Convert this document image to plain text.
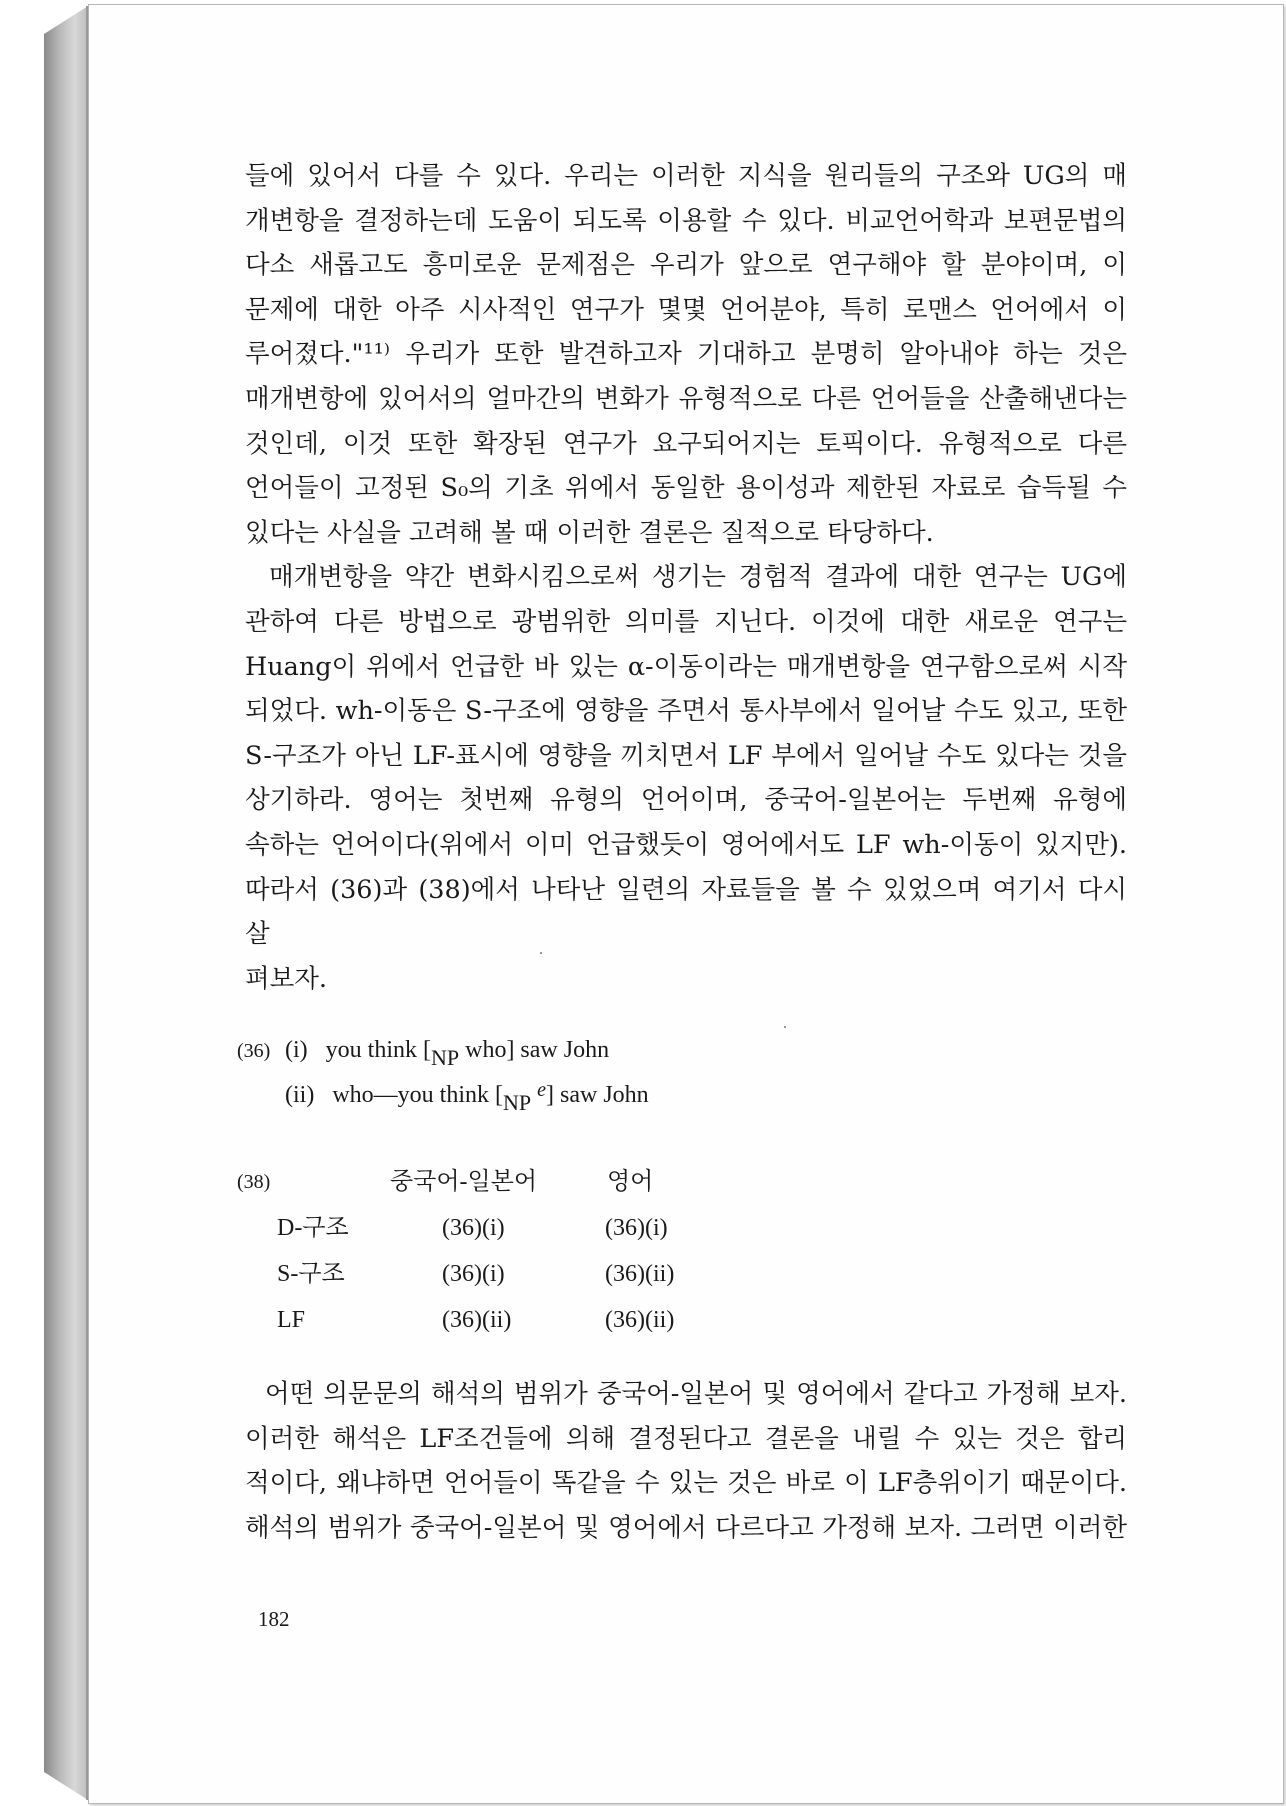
들에 있어서 다를 수 있다. 우리는 이러한 지식을 원리들의 구조와 UG의 매
개변항을 결정하는데 도움이 되도록 이용할 수 있다. 비교언어학과 보편문법의
다소 새롭고도 흥미로운 문제점은 우리가 앞으로 연구해야 할 분야이며, 이
문제에 대한 아주 시사적인 연구가 몇몇 언어분야, 특히 로맨스 언어에서 이
루어졌다."¹¹⁾ 우리가 또한 발견하고자 기대하고 분명히 알아내야 하는 것은
매개변항에 있어서의 얼마간의 변화가 유형적으로 다른 언어들을 산출해낸다는
것인데, 이것 또한 확장된 연구가 요구되어지는 토픽이다. 유형적으로 다른
언어들이 고정된 S₀의 기초 위에서 동일한 용이성과 제한된 자료로 습득될 수
있다는 사실을 고려해 볼 때 이러한 결론은 질적으로 타당하다.

매개변항을 약간 변화시킴으로써 생기는 경험적 결과에 대한 연구는 UG에
관하여 다른 방법으로 광범위한 의미를 지닌다. 이것에 대한 새로운 연구는
Huang이 위에서 언급한 바 있는 α-이동이라는 매개변항을 연구함으로써 시작
되었다. wh-이동은 S-구조에 영향을 주면서 통사부에서 일어날 수도 있고, 또한
S-구조가 아닌 LF-표시에 영향을 끼치면서 LF 부에서 일어날 수도 있다는 것을
상기하라. 영어는 첫번째 유형의 언어이며, 중국어-일본어는 두번째 유형에
속하는 언어이다(위에서 이미 언급했듯이 영어에서도 LF wh-이동이 있지만).
따라서 (36)과 (38)에서 나타난 일련의 자료들을 볼 수 있었으며 여기서 다시 살
펴보자.

(36) (i) you think [NP who] saw John
(ii) who—you think [NP $^e$] saw John
(38)	중국어-일본어	영어
D-구조	(36)(i)	(36)(i)
S-구조	(36)(i)	(36)(ii)
LF	(36)(ii)	(36)(ii)

어떤 의문문의 해석의 범위가 중국어-일본어 및 영어에서 같다고 가정해 보자.

이러한 해석은 LF조건들에 의해 결정된다고 결론을 내릴 수 있는 것은 합리

적이다, 왜냐하면 언어들이 똑같을 수 있는 것은 바로 이 LF층위이기 때문이다.

해석의 범위가 중국어-일본어 및 영어에서 다르다고 가정해 보자. 그러면 이러한

182
